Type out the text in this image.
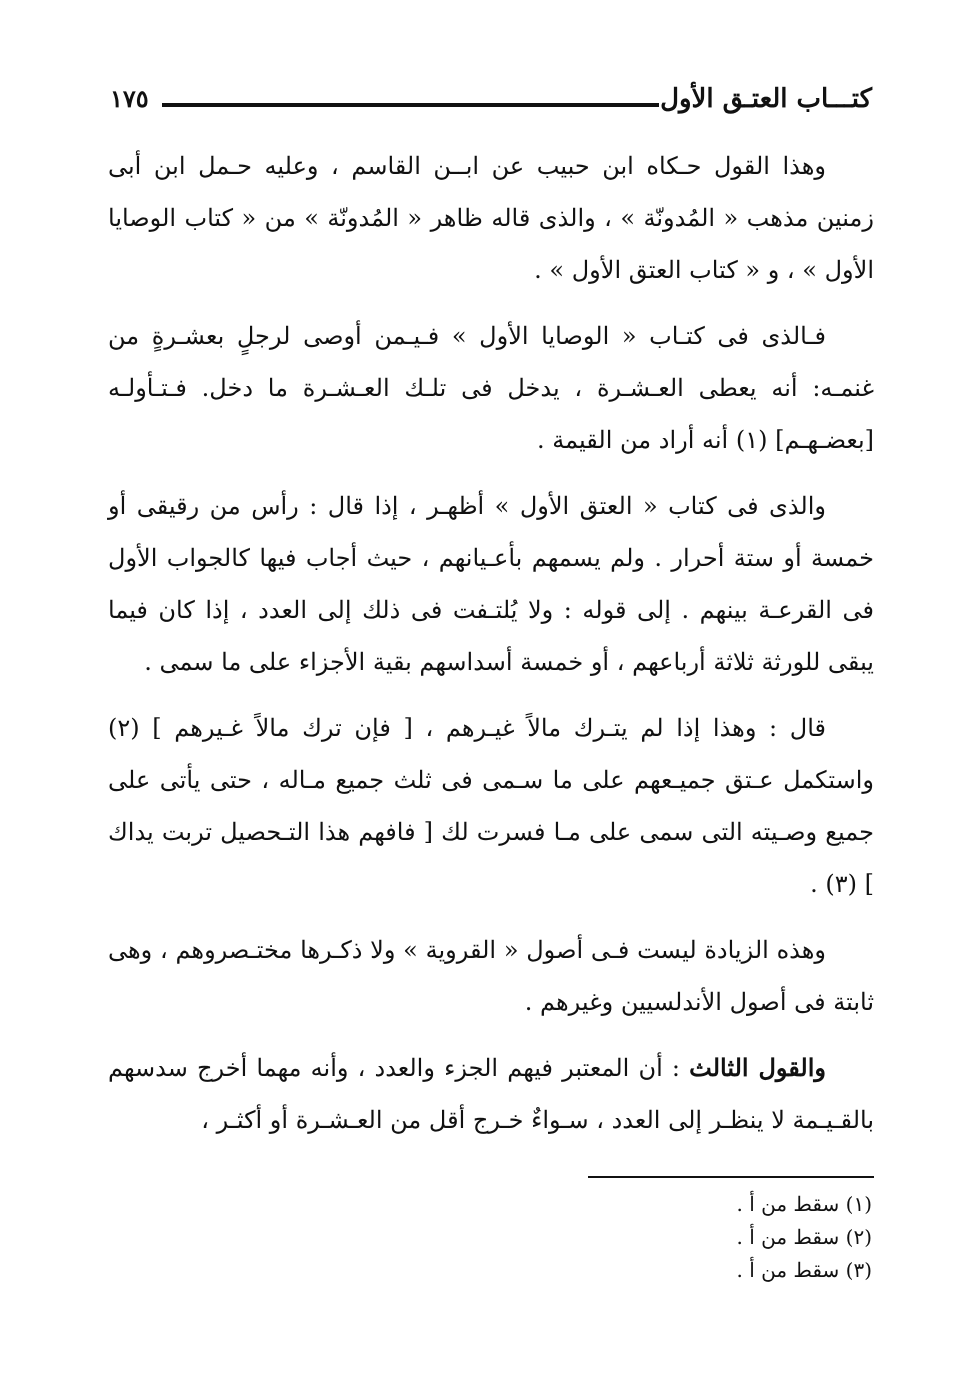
كتـــاب العتـق الأول
١٧٥

وهذا القول حـكاه ابن حبيب عن ابــن القاسم ، وعليه حـمل ابن أبى زمنين مذهب « المُدونّة » ، والذى قاله ظاهر « المُدونّة » من « كتاب الوصايا الأول » ، و « كتاب العتق الأول » .

فـالذى فى كتـاب « الوصايا الأول » فـيـمن أوصى لرجلٍ بعشـرةٍ من غنمـه: أنه يعطى العـشـرة ، يدخل فى تلـك العـشـرة ما دخل. فـتـأولـه [بعضـهـم] (١) أنه أراد من القيمة .

والذى فى كتاب « العتق الأول » أظهـر ، إذا قال : رأس من رقيقى أو خمسة أو ستة أحرار . ولم يسمهم بأعـيانهم ، حيث أجاب فيها كالجواب الأول فى القرعـة بينهم . إلى قوله : ولا يُلتـفت فى ذلك إلى العدد ، إذا كان فيما يبقى للورثة ثلاثة أرباعهم ، أو خمسة أسداسهم بقية الأجزاء على ما سمى .

قال : وهذا إذا لم يتـرك مالاً غيـرهم ، [ فإن ترك مالاً غـيرهم ] (٢) واستكمل عـتق جميـعهم على ما سـمى فى ثلث جميع مـاله ، حتى يأتى على جميع وصـيته التى سمى على مـا فسرت لك [ فافهم هذا التـحصيل تربت يداك ] (٣) .

وهذه الزيادة ليست فـى أصول « القروية » ولا ذكـرها مختـصروهم ، وهى ثابتة فى أصول الأندلسيين وغيرهم .

والقول الثالث : أن المعتبر فيهم الجزء والعدد ، وأنه مهما أخرج سدسهم بالقـيـمة لا ينظـر إلى العدد ، سـواءٌ خـرج أقل من العـشـرة أو أكثـر ،

(١) سقط من أ .
(٢) سقط من أ .
(٣) سقط من أ .
